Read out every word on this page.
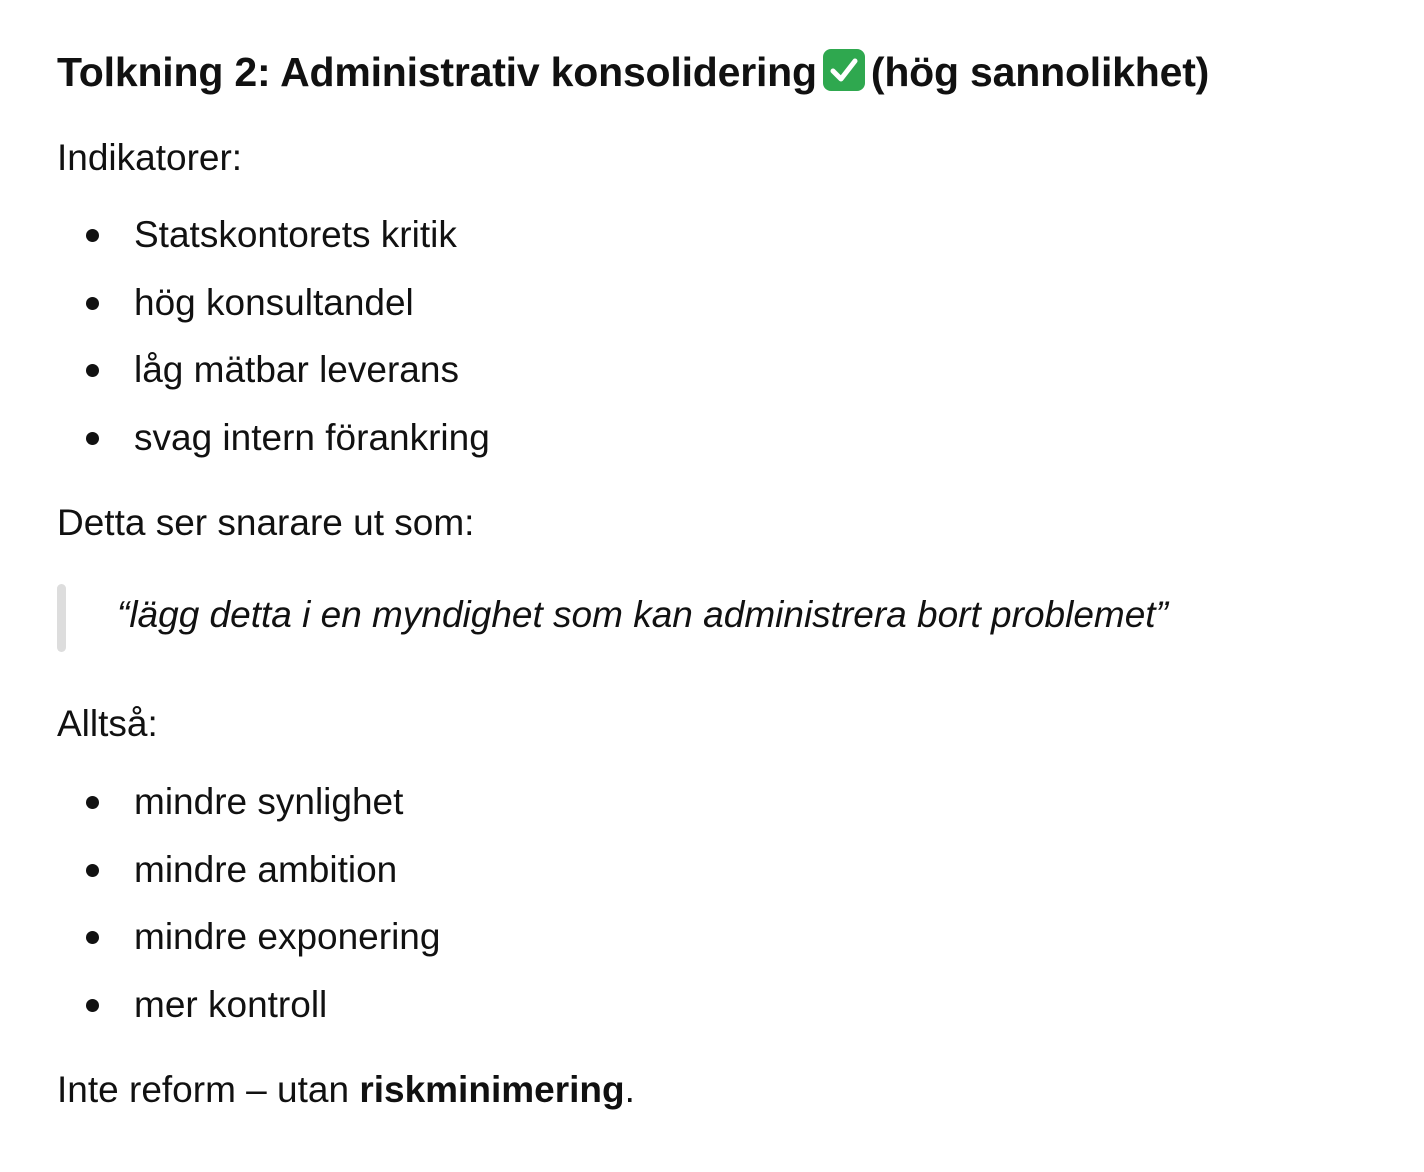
Tolkning 2: Administrativ konsolidering (hög sannolikhet)

Indikatorer:

Statskontorets kritik
hög konsultandel
låg mätbar leverans
svag intern förankring

Detta ser snarare ut som:

“lägg detta i en myndighet som kan administrera bort problemet”

Alltså:

mindre synlighet
mindre ambition
mindre exponering
mer kontroll

Inte reform – utan riskminimering.
